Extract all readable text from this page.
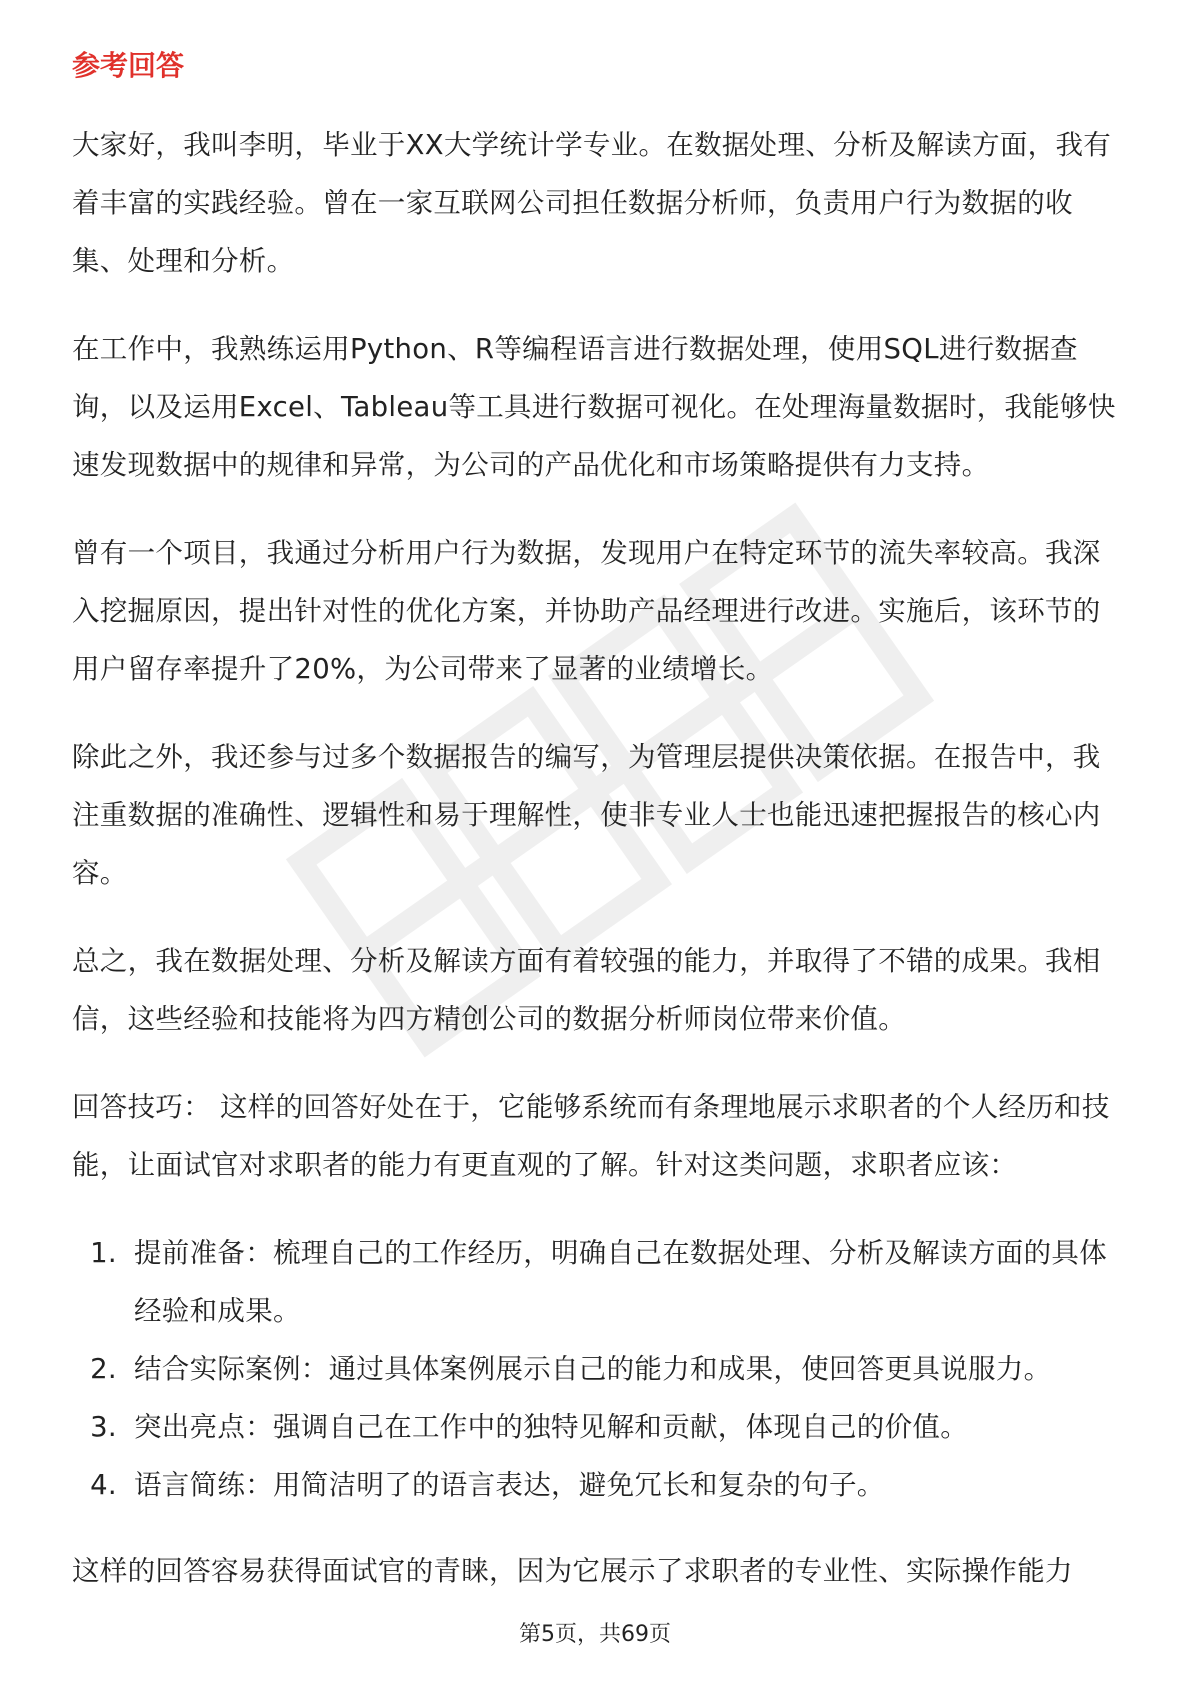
参考回答

大家好，我叫李明，毕业于XX大学统计学专业。在数据处理、分析及解读方面，我有着丰富的实践经验。曾在一家互联网公司担任数据分析师，负责用户行为数据的收集、处理和分析。

在工作中，我熟练运用Python、R等编程语言进行数据处理，使用SQL进行数据查询，以及运用Excel、Tableau等工具进行数据可视化。在处理海量数据时，我能够快速发现数据中的规律和异常，为公司的产品优化和市场策略提供有力支持。

曾有一个项目，我通过分析用户行为数据，发现用户在特定环节的流失率较高。我深入挖掘原因，提出针对性的优化方案，并协助产品经理进行改进。实施后，该环节的用户留存率提升了20%，为公司带来了显著的业绩增长。

除此之外，我还参与过多个数据报告的编写，为管理层提供决策依据。在报告中，我注重数据的准确性、逻辑性和易于理解性，使非专业人士也能迅速把握报告的核心内容。

总之，我在数据处理、分析及解读方面有着较强的能力，并取得了不错的成果。我相信，这些经验和技能将为四方精创公司的数据分析师岗位带来价值。

回答技巧： 这样的回答好处在于，它能够系统而有条理地展示求职者的个人经历和技能，让面试官对求职者的能力有更直观的了解。针对这类问题，求职者应该：

1. 提前准备：梳理自己的工作经历，明确自己在数据处理、分析及解读方面的具体经验和成果。
2. 结合实际案例：通过具体案例展示自己的能力和成果，使回答更具说服力。
3. 突出亮点：强调自己在工作中的独特见解和贡献，体现自己的价值。
4. 语言简练：用简洁明了的语言表达，避免冗长和复杂的句子。

这样的回答容易获得面试官的青睐，因为它展示了求职者的专业性、实际操作能力

第5页，共69页
